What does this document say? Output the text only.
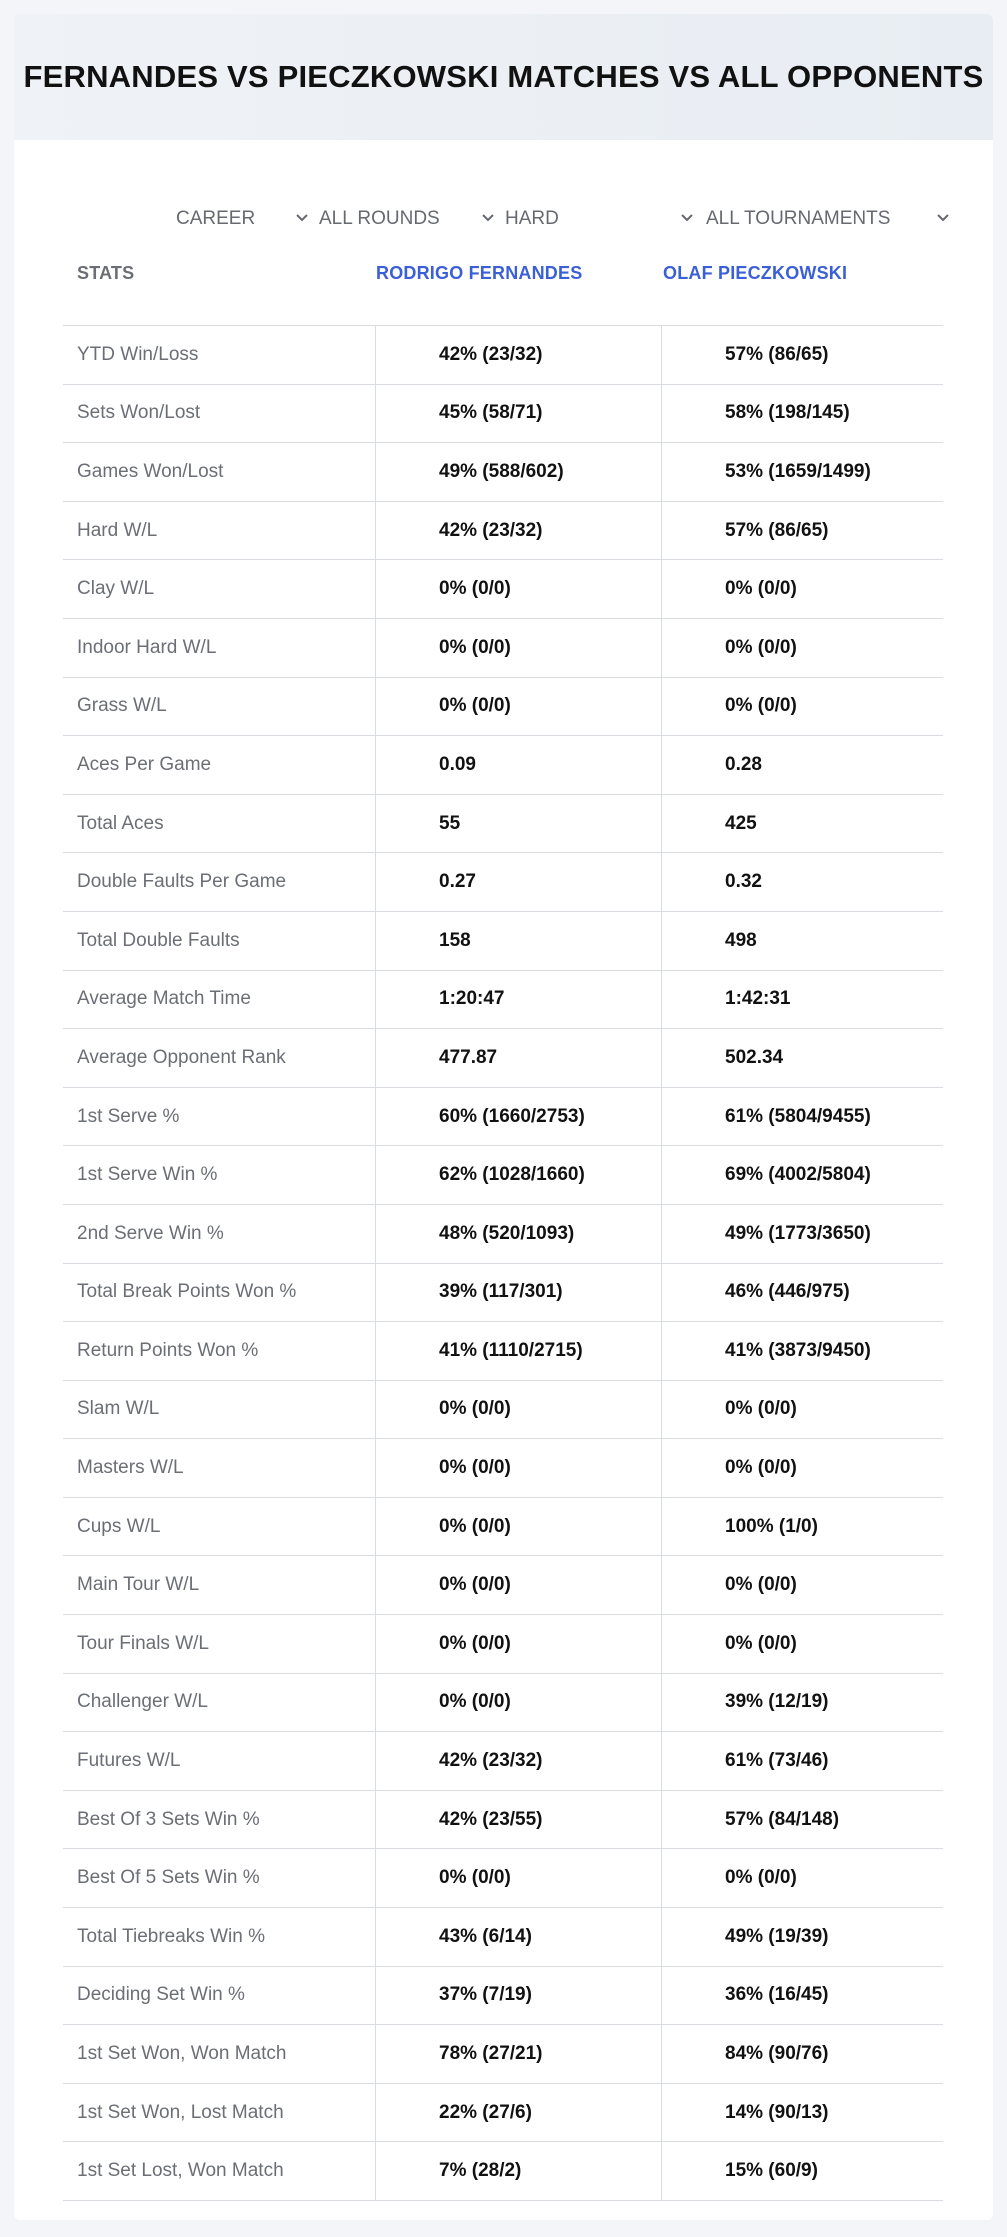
FERNANDES VS PIECZKOWSKI MATCHES VS ALL OPPONENTS
CAREER	ALL ROUNDS	HARD	ALL TOURNAMENTS
STATS	RODRIGO FERNANDES	OLAF PIECZKOWSKI
YTD Win/Loss	42% (23/32)	57% (86/65)
Sets Won/Lost	45% (58/71)	58% (198/145)
Games Won/Lost	49% (588/602)	53% (1659/1499)
Hard W/L	42% (23/32)	57% (86/65)
Clay W/L	0% (0/0)	0% (0/0)
Indoor Hard W/L	0% (0/0)	0% (0/0)
Grass W/L	0% (0/0)	0% (0/0)
Aces Per Game	0.09	0.28
Total Aces	55	425
Double Faults Per Game	0.27	0.32
Total Double Faults	158	498
Average Match Time	1:20:47	1:42:31
Average Opponent Rank	477.87	502.34
1st Serve %	60% (1660/2753)	61% (5804/9455)
1st Serve Win %	62% (1028/1660)	69% (4002/5804)
2nd Serve Win %	48% (520/1093)	49% (1773/3650)
Total Break Points Won %	39% (117/301)	46% (446/975)
Return Points Won %	41% (1110/2715)	41% (3873/9450)
Slam W/L	0% (0/0)	0% (0/0)
Masters W/L	0% (0/0)	0% (0/0)
Cups W/L	0% (0/0)	100% (1/0)
Main Tour W/L	0% (0/0)	0% (0/0)
Tour Finals W/L	0% (0/0)	0% (0/0)
Challenger W/L	0% (0/0)	39% (12/19)
Futures W/L	42% (23/32)	61% (73/46)
Best Of 3 Sets Win %	42% (23/55)	57% (84/148)
Best Of 5 Sets Win %	0% (0/0)	0% (0/0)
Total Tiebreaks Win %	43% (6/14)	49% (19/39)
Deciding Set Win %	37% (7/19)	36% (16/45)
1st Set Won, Won Match	78% (27/21)	84% (90/76)
1st Set Won, Lost Match	22% (27/6)	14% (90/13)
1st Set Lost, Won Match	7% (28/2)	15% (60/9)
